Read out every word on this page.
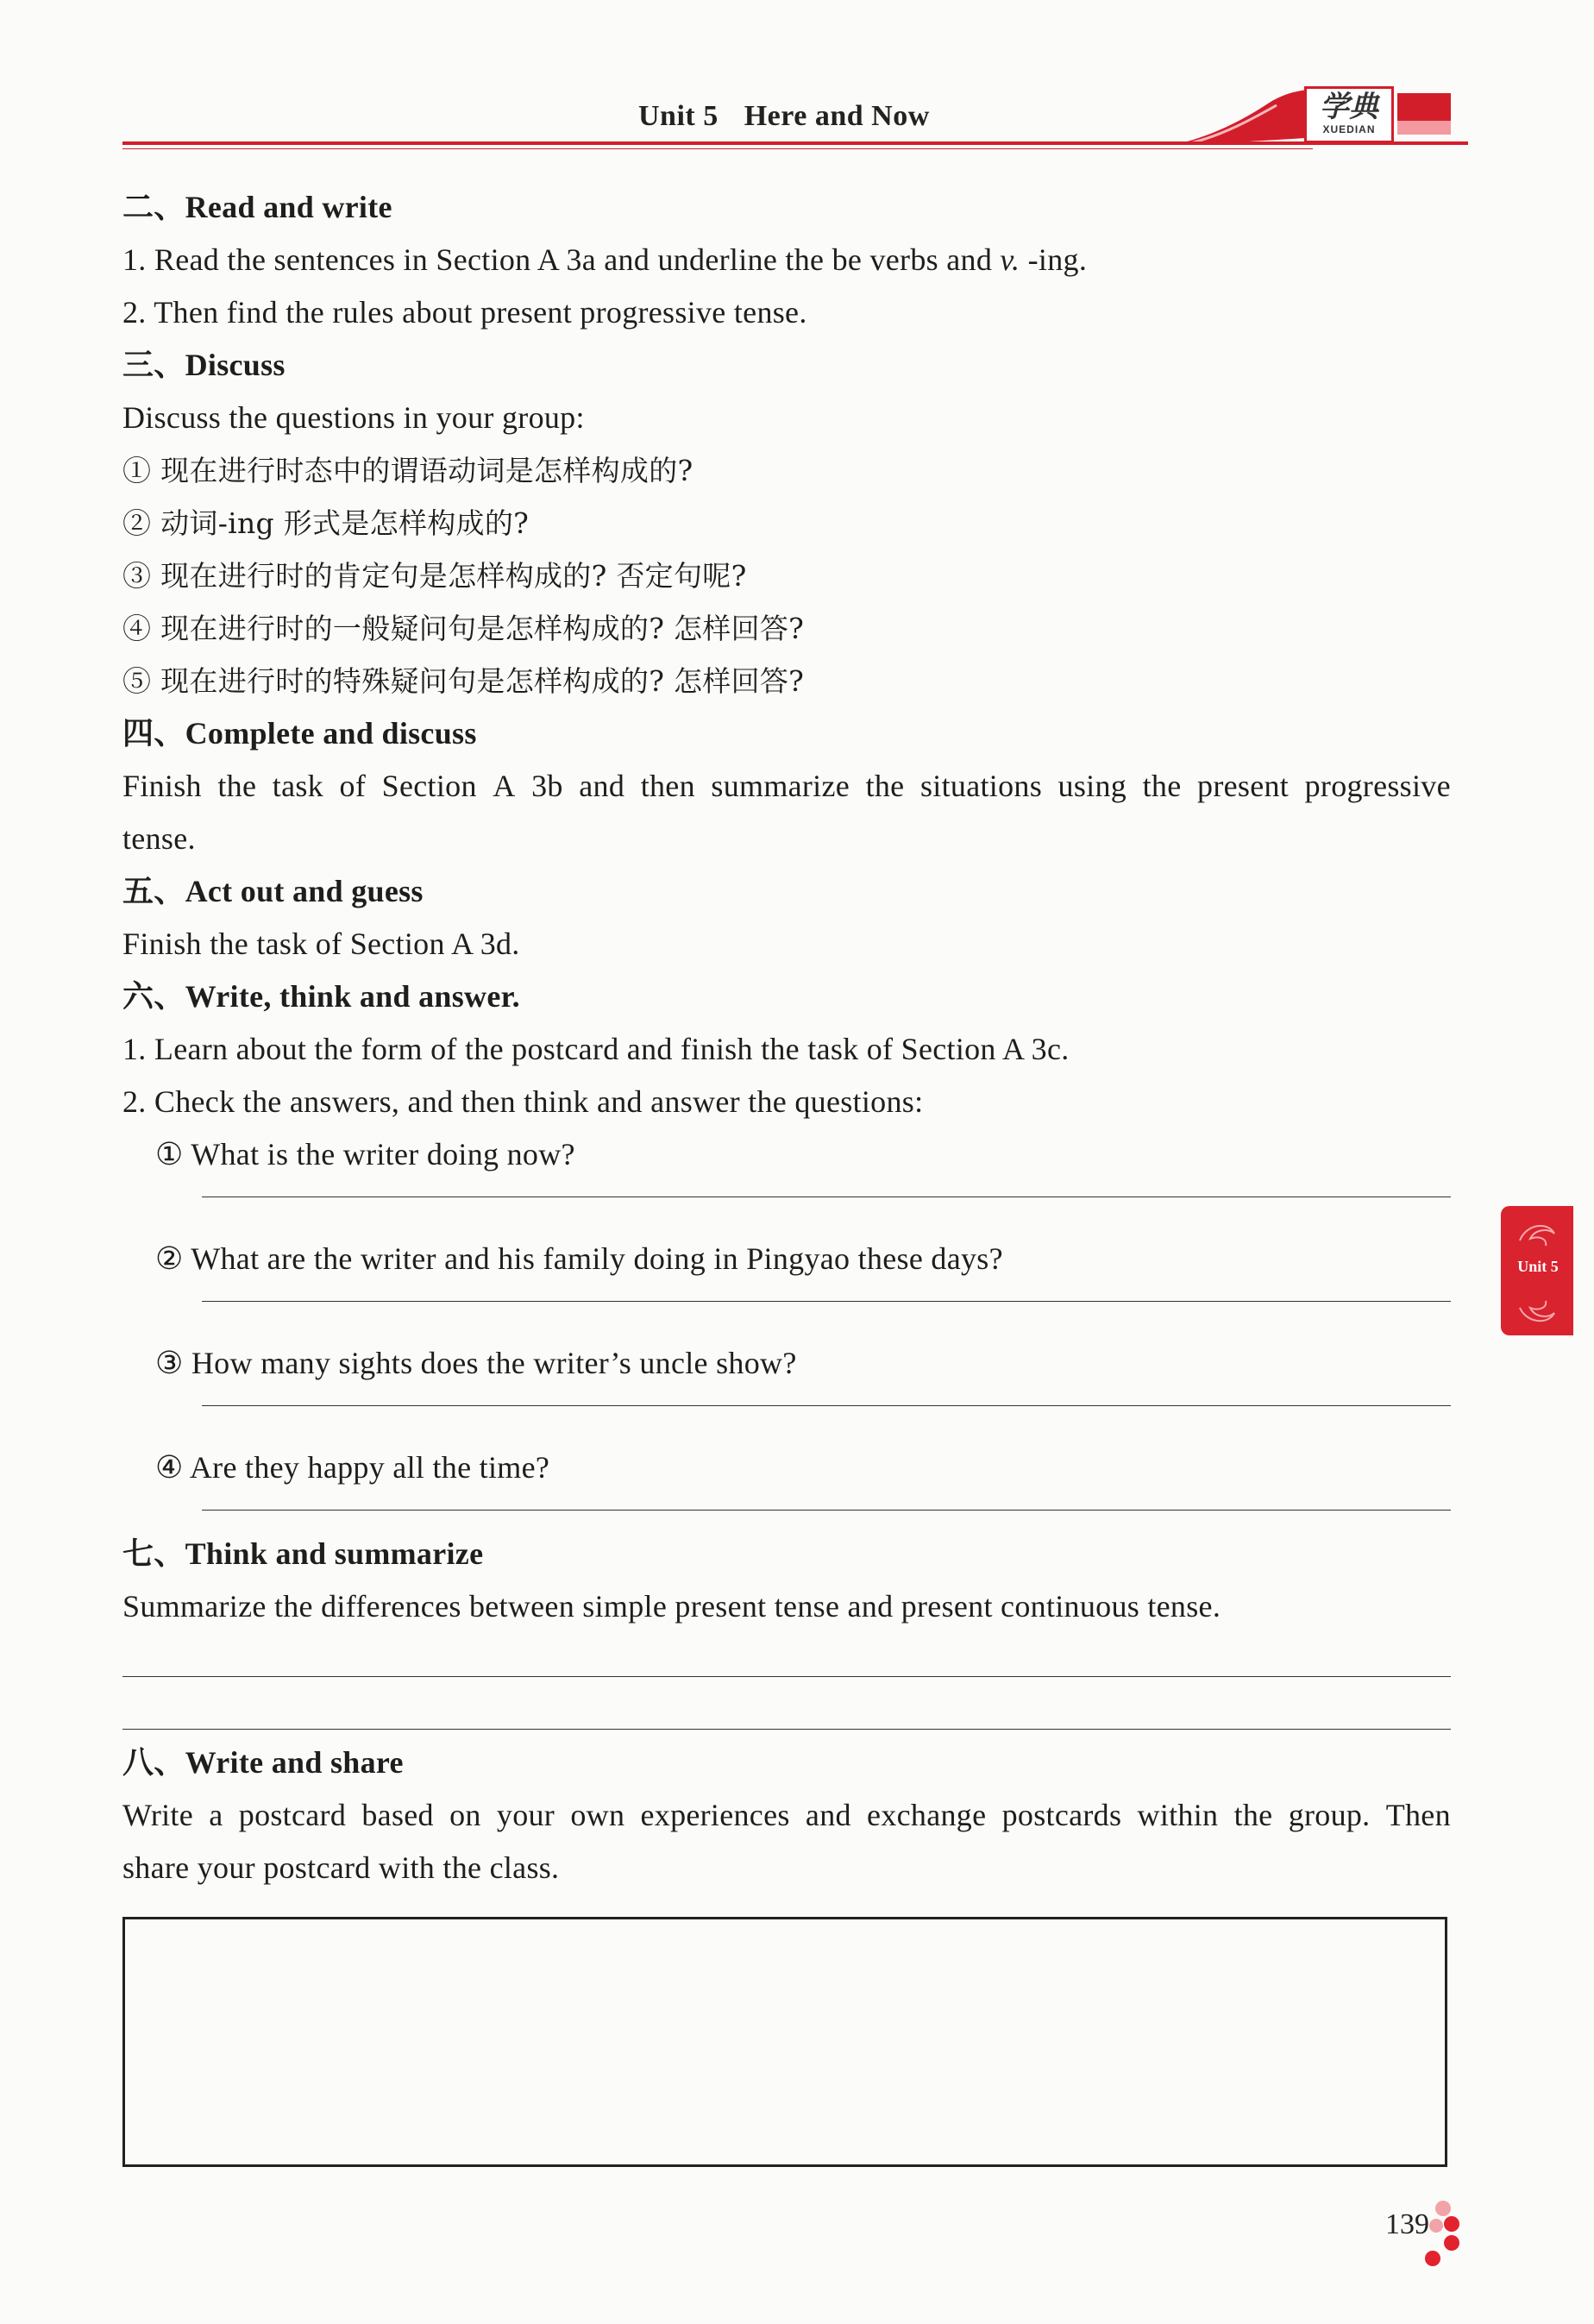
Unit 5 Here and Now	学典
XUEDIAN
二、Read and write
1. Read the sentences in Section A 3a and underline the be verbs and v. -ing.
2. Then find the rules about present progressive tense.
三、Discuss
Discuss the questions in your group:
① 现在进行时态中的谓语动词是怎样构成的?
② 动词-ing 形式是怎样构成的?
③ 现在进行时的肯定句是怎样构成的? 否定句呢?
④ 现在进行时的一般疑问句是怎样构成的? 怎样回答?
⑤ 现在进行时的特殊疑问句是怎样构成的? 怎样回答?
四、Complete and discuss
Finish the task of Section A 3b and then summarize the situations using the present progressive
tense.
五、Act out and guess
Finish the task of Section A 3d.
六、Write, think and answer.
1. Learn about the form of the postcard and finish the task of Section A 3c.
2. Check the answers, and then think and answer the questions:
① What is the writer doing now?
② What are the writer and his family doing in Pingyao these days?
③ How many sights does the writer’s uncle show?
④ Are they happy all the time?
七、Think and summarize
Summarize the differences between simple present tense and present continuous tense.
八、Write and share
Write a postcard based on your own experiences and exchange postcards within the group. Then
share your postcard with the class.
Unit 5
139
